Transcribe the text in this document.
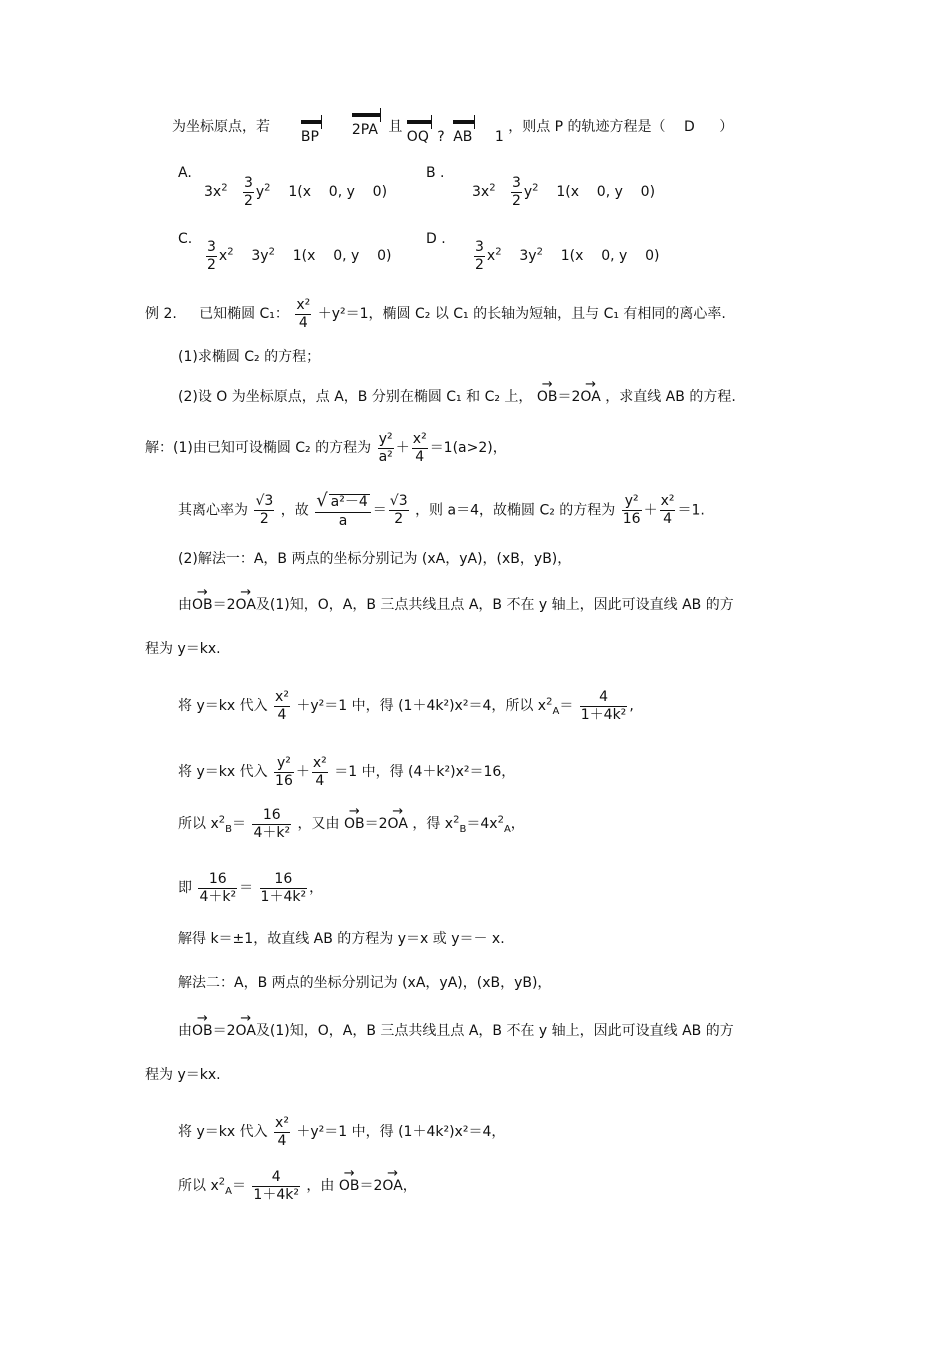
为坐标原点，若  BP 2PA 且 OQ ? AB 1 ，则点 P 的轨迹方程是（ D ）
A.
$3x^2 \frac{3}{2} y^2$    1(x    0, y    0)
B .
$3x^2 \frac{3}{2} y^2$    1(x    0, y    0)
C.
$\frac{3}{2} x^2$    $3y^2$    1(x    0, y    0)
D .
$\frac{3}{2} x^2$    $3y^2$    1(x    0, y    0)
例 2. 已知椭圆 C₁： $\frac{\text{x²}}{4} +y^2=1$，椭圆 C₂ 以 C₁ 的长轴为短轴，且与 C₁ 有相同的离心率.
(1)求椭圆 C₂ 的方程；
(2)设 O 为坐标原点，点 A，B 分别在椭圆 C₁ 和 C₂ 上， → OB＝2→ OA ，求直线 AB 的方程.
解：(1)由已知可设椭圆 C₂ 的方程为 $\frac{\text{y²}}{\text{a²}} + \frac{\text{x²}}{4} =1(a>2)$，
其离心率为 $\frac{√3}{2}$ ，故 $\frac{\text{√ a²－4}}{a} = \frac{√3}{2}$ ，则 a＝4，故椭圆 C₂ 的方程为 $\frac{\text{y²}}{16} + \frac{\text{x²}}{4} =1$.
(2)解法一：A，B 两点的坐标分别记为 (xA，yA)，(xB，yB)，
由→ OB＝2→ OA及(1)知，O，A，B 三点共线且点 A，B 不在 y 轴上，因此可设直线 AB 的方
程为 y＝kx.
将 y＝kx 代入 $\frac{\text{x²}}{4} +y^2=1$ 中，得 (1＋4k²)x²＝4，所以 $x^2_A= \frac{4}{\text{1＋4k²}}$ ,
将 y＝kx 代入 $\frac{\text{y²}}{16} + \frac{\text{x²}}{4} =1$ 中，得 (4＋k²)x²＝16，
所以 $x^2_B= \frac{16}{\text{4＋k²}}$ ，又由 → OB＝2→ OA ，得 $x^2_B=4x^2_A$，
即 $\frac{16}{\text{4＋k²}} = \frac{16}{\text{1＋4k²}}$ ，
解得 k＝±1，故直线 AB 的方程为 y＝x 或 y＝－ x.
解法二：A，B 两点的坐标分别记为 (xA，yA)，(xB，yB)，
由→ OB＝2→ OA及(1)知，O，A，B 三点共线且点 A，B 不在 y 轴上，因此可设直线 AB 的方
程为 y＝kx.
将 y＝kx 代入 $\frac{\text{x²}}{4} +y^2=1$ 中，得 (1＋4k²)x²＝4，
所以 $x^2_A= \frac{4}{\text{1＋4k²}}$ ，由 → OB＝2→ OA，
